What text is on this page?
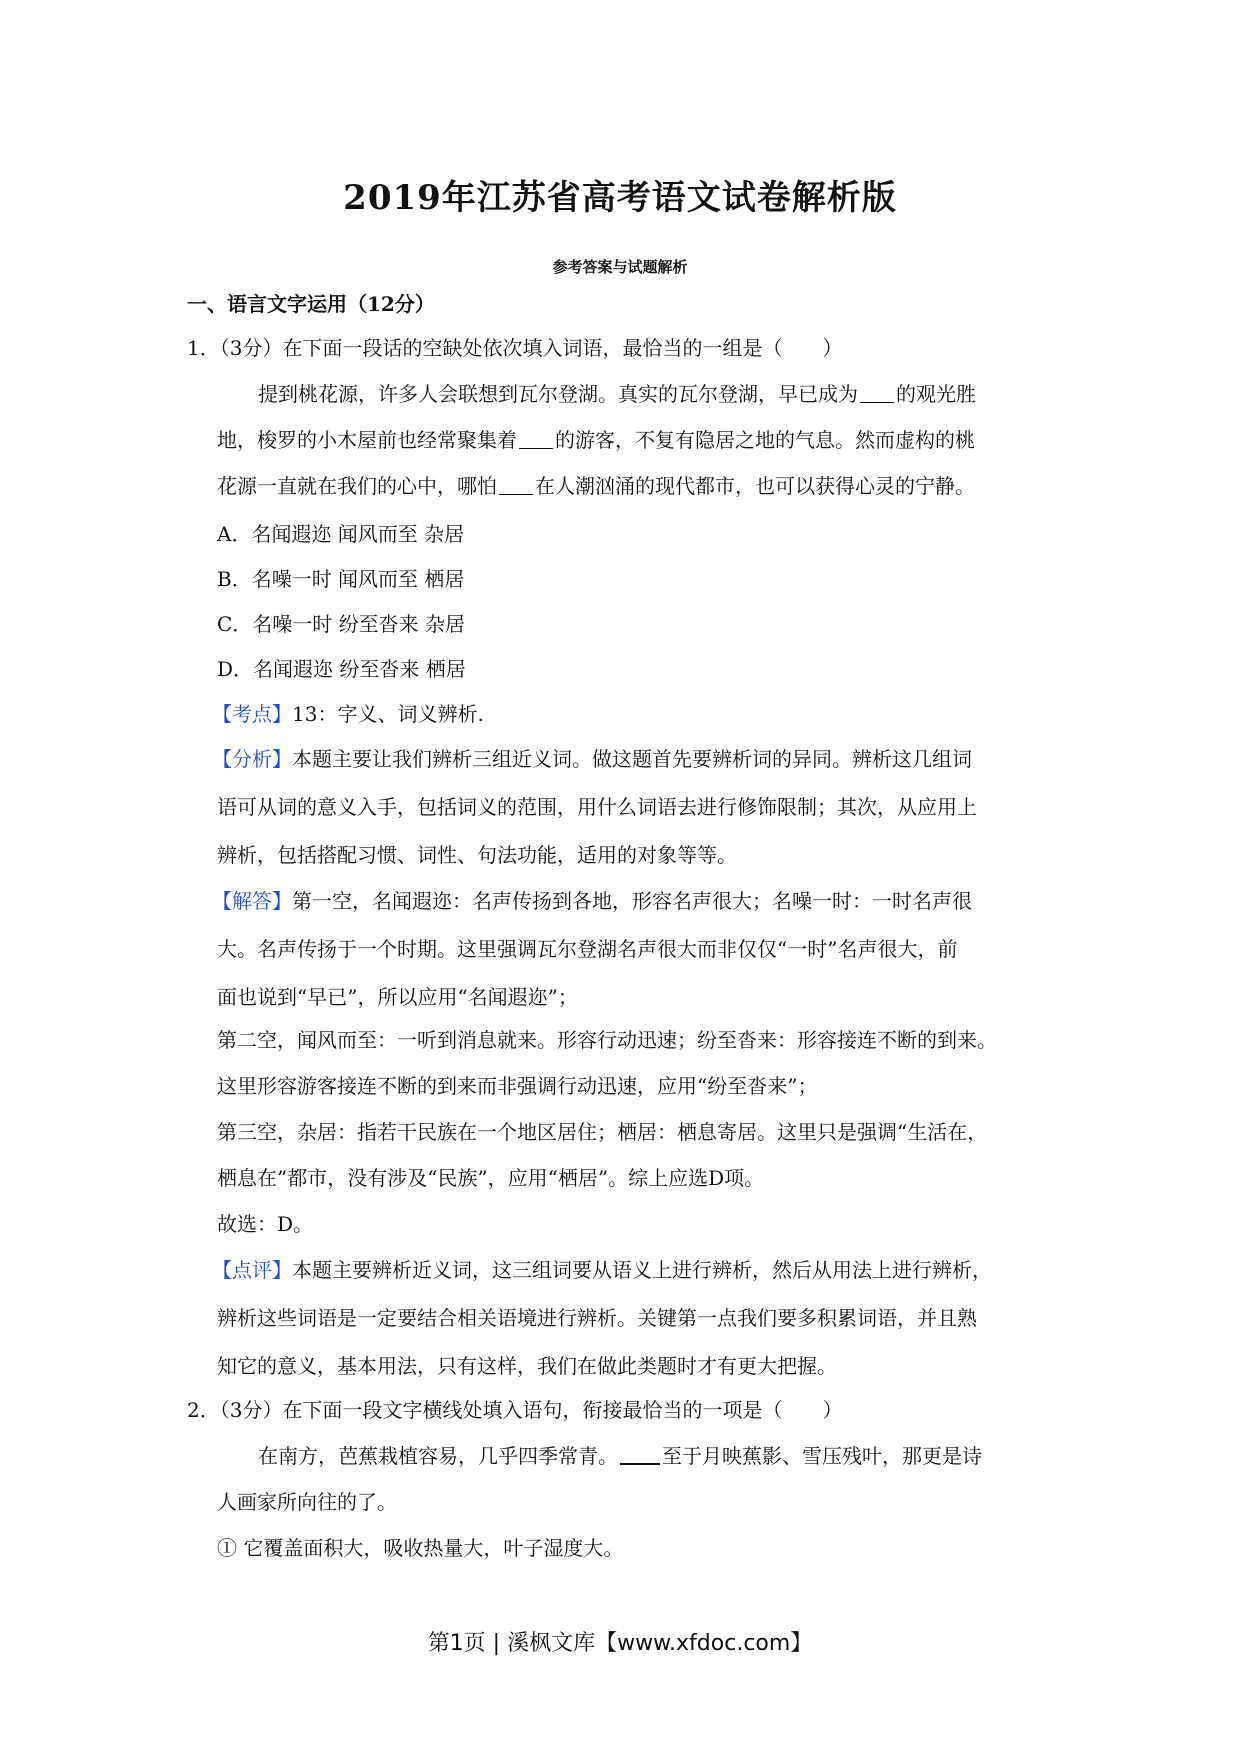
2019年江苏省高考语文试卷解析版
参考答案与试题解析
一、语言文字运用（12分）
1．（3分）在下面一段话的空缺处依次填入词语，最恰当的一组是（　　）
提到桃花源，许多人会联想到瓦尔登湖。真实的瓦尔登湖，早已成为 的观光胜
地，梭罗的小木屋前也经常聚集着 的游客，不复有隐居之地的气息。然而虚构的桃
花源一直就在我们的心中，哪怕 在人潮汹涌的现代都市，也可以获得心灵的宁静。
A．名闻遐迩 闻风而至 杂居
B．名噪一时 闻风而至 栖居
C．名噪一时 纷至沓来 杂居
D．名闻遐迩 纷至沓来 栖居
【考点】13：字义、词义辨析.
【分析】本题主要让我们辨析三组近义词。做这题首先要辨析词的异同。辨析这几组词
语可从词的意义入手，包括词义的范围，用什么词语去进行修饰限制；其次，从应用上
辨析，包括搭配习惯、词性、句法功能，适用的对象等等。
【解答】第一空，名闻遐迩：名声传扬到各地，形容名声很大；名噪一时：一时名声很
大。名声传扬于一个时期。这里强调瓦尔登湖名声很大而非仅仅“一时”名声很大，前
面也说到“早已”，所以应用“名闻遐迩”；
第二空，闻风而至：一听到消息就来。形容行动迅速；纷至沓来：形容接连不断的到来。
这里形容游客接连不断的到来而非强调行动迅速，应用“纷至沓来”；
第三空，杂居：指若干民族在一个地区居住；栖居：栖息寄居。这里只是强调“生活在，
栖息在”都市，没有涉及“民族”，应用“栖居”。综上应选D项。
故选：D。
【点评】本题主要辨析近义词，这三组词要从语义上进行辨析，然后从用法上进行辨析，
辨析这些词语是一定要结合相关语境进行辨析。关键第一点我们要多积累词语，并且熟
知它的意义，基本用法，只有这样，我们在做此类题时才有更大把握。
2．（3分）在下面一段文字横线处填入语句，衔接最恰当的一项是（　　）
在南方，芭蕉栽植容易，几乎四季常青。 至于月映蕉影、雪压残叶，那更是诗
人画家所向往的了。
① 它覆盖面积大，吸收热量大，叶子湿度大。
第1页 | 溪枫文库【www.xfdoc.com】
